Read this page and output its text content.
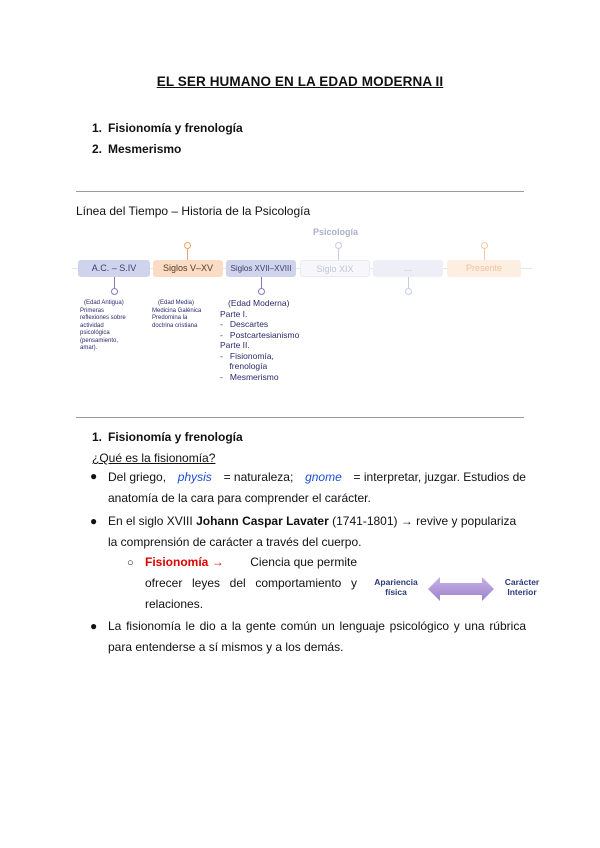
EL SER HUMANO EN LA EDAD MODERNA II
1. Fisionomía y frenología
2. Mesmerismo
Línea del Tiempo – Historia de la Psicología
Psicología
A.C. – S.IV	Siglos V–XV	Siglos XVII–XVIII	Siglo XIX	…	Presente
(Edad Antigua)
Primeras
reflexiones sobre
actividad
psicológica
(pensamiento,
amar).
(Edad Media)
Medicina Galénica
Predomina la
doctrina cristiana
(Edad Moderna)
Parte I.
-   Descartes
-   Postcartesianismo
Parte II.
-   Fisionomía,
frenología
-   Mesmerismo
1. Fisionomía y frenología
¿Qué es la fisionomía?
● Del griego, physis = naturaleza; gnome = interpretar, juzgar. Estudios de
anatomía de la cara para comprender el carácter.
● En el siglo XVIII Johann Caspar Lavater (1741-1801) → revive y populariza
la comprensión de carácter a través del cuerpo.
○ Fisionomía → Ciencia que permite
ofrecer leyes del comportamiento y
relaciones.
Apariencia
física
Carácter
Interior
● La fisionomía le dio a la gente común un lenguaje psicológico y una rúbrica
para entenderse a sí mismos y a los demás.
